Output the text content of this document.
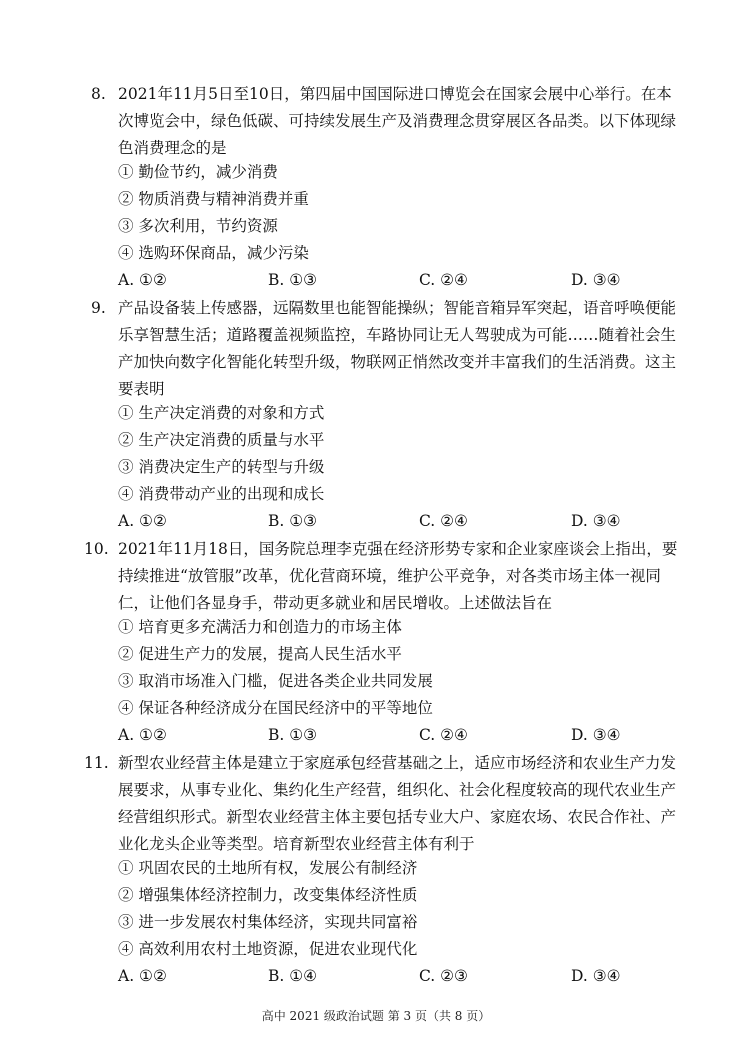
8. 2021年11月5日至10日，第四届中国国际进口博览会在国家会展中心举行。在本次博览会中，绿色低碳、可持续发展生产及消费理念贯穿展区各品类。以下体现绿色消费理念的是

① 勤俭节约，减少消费
② 物质消费与精神消费并重
③ 多次利用，节约资源
④ 选购环保商品，减少污染
A. ①②	B. ①③	C. ②④	D. ③④
9. 产品设备装上传感器，远隔数里也能智能操纵；智能音箱异军突起，语音呼唤便能乐享智慧生活；道路覆盖视频监控，车路协同让无人驾驶成为可能……随着社会生产加快向数字化智能化转型升级，物联网正悄然改变并丰富我们的生活消费。这主要表明

① 生产决定消费的对象和方式
② 生产决定消费的质量与水平
③ 消费决定生产的转型与升级
④ 消费带动产业的出现和成长
A. ①②	B. ①③	C. ②④	D. ③④
10. 2021年11月18日，国务院总理李克强在经济形势专家和企业家座谈会上指出，要持续推进“放管服”改革，优化营商环境，维护公平竞争，对各类市场主体一视同仁，让他们各显身手，带动更多就业和居民增收。上述做法旨在

① 培育更多充满活力和创造力的市场主体
② 促进生产力的发展，提高人民生活水平
③ 取消市场准入门槛，促进各类企业共同发展
④ 保证各种经济成分在国民经济中的平等地位
A. ①②	B. ①③	C. ②④	D. ③④
11. 新型农业经营主体是建立于家庭承包经营基础之上，适应市场经济和农业生产力发展要求，从事专业化、集约化生产经营，组织化、社会化程度较高的现代农业生产经营组织形式。新型农业经营主体主要包括专业大户、家庭农场、农民合作社、产业化龙头企业等类型。培育新型农业经营主体有利于

① 巩固农民的土地所有权，发展公有制经济
② 增强集体经济控制力，改变集体经济性质
③ 进一步发展农村集体经济，实现共同富裕
④ 高效利用农村土地资源，促进农业现代化
A. ①②	B. ①④	C. ②③	D. ③④
高中 2021 级政治试题 第 3 页（共 8 页）
